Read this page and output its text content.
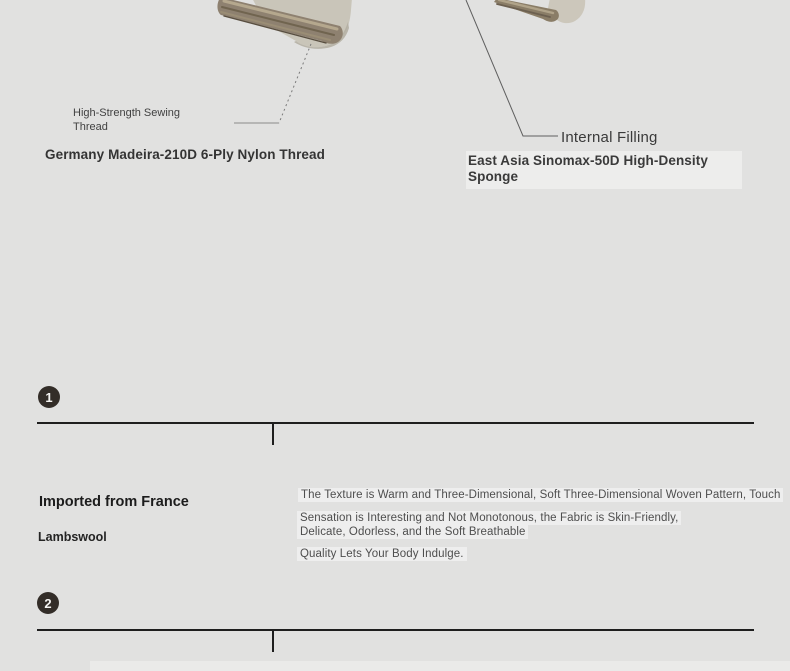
High-Strength Sewing
Thread
Germany Madeira-210D 6-Ply Nylon Thread
Internal Filling
East Asia Sinomax-50D High-Density
Sponge
1
Imported from France
Lambswool
The Texture is Warm and Three-Dimensional, Soft Three-Dimensional Woven Pattern, Touch
Sensation is Interesting and Not Monotonous, the Fabric is Skin-Friendly,
Delicate, Odorless, and the Soft Breathable
Quality Lets Your Body Indulge.
2
